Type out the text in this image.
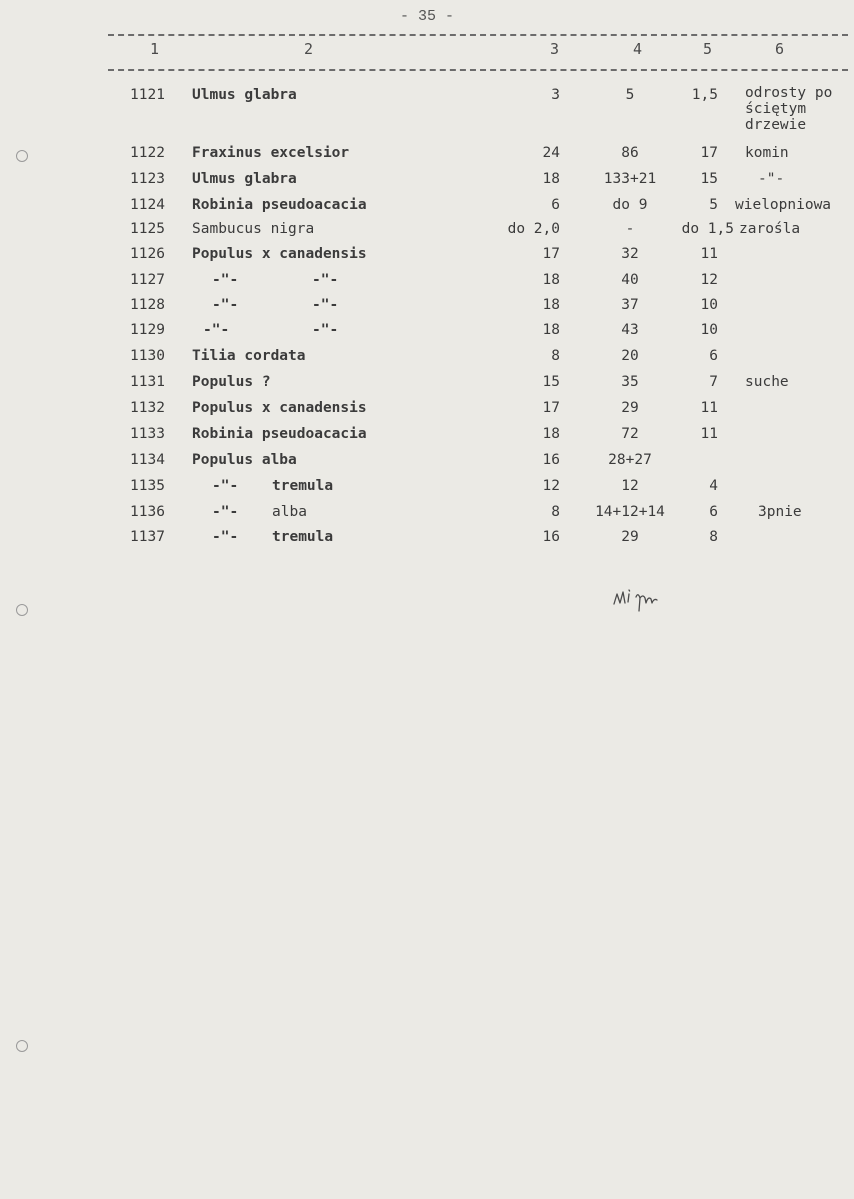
- 35 -
1	2	3	4	5	6
1121 Ulmus glabra	3	5	1,5 odrosty po ściętym drzewie
1122 Fraxinus excelsior	24	86	17 komin
1123 Ulmus glabra	18	133+21	15	-"-
1124 Robinia pseudoacacia	6	do 9	5 wielopniowa
1125 Sambucus nigra	do 2,0	-	do 1,5 zarośla
1126 Populus x canadensis	17	32	11
1127	-"-	-"-	18	40	12
1128	-"-	-"-	18	37	10
1129	-"-	-"-	18	43	10
1130 Tilia cordata	8	20	6
1131 Populus ?	15	35	7 suche
1132 Populus x canadensis	17	29	11
1133 Robinia pseudoacacia	18	72	11
1134 Populus alba	16	28+27
1135	-"- tremula	12	12	4
1136	-"- alba	8	14+12+14	6	3pnie
1137	-"- tremula	16	29	8
